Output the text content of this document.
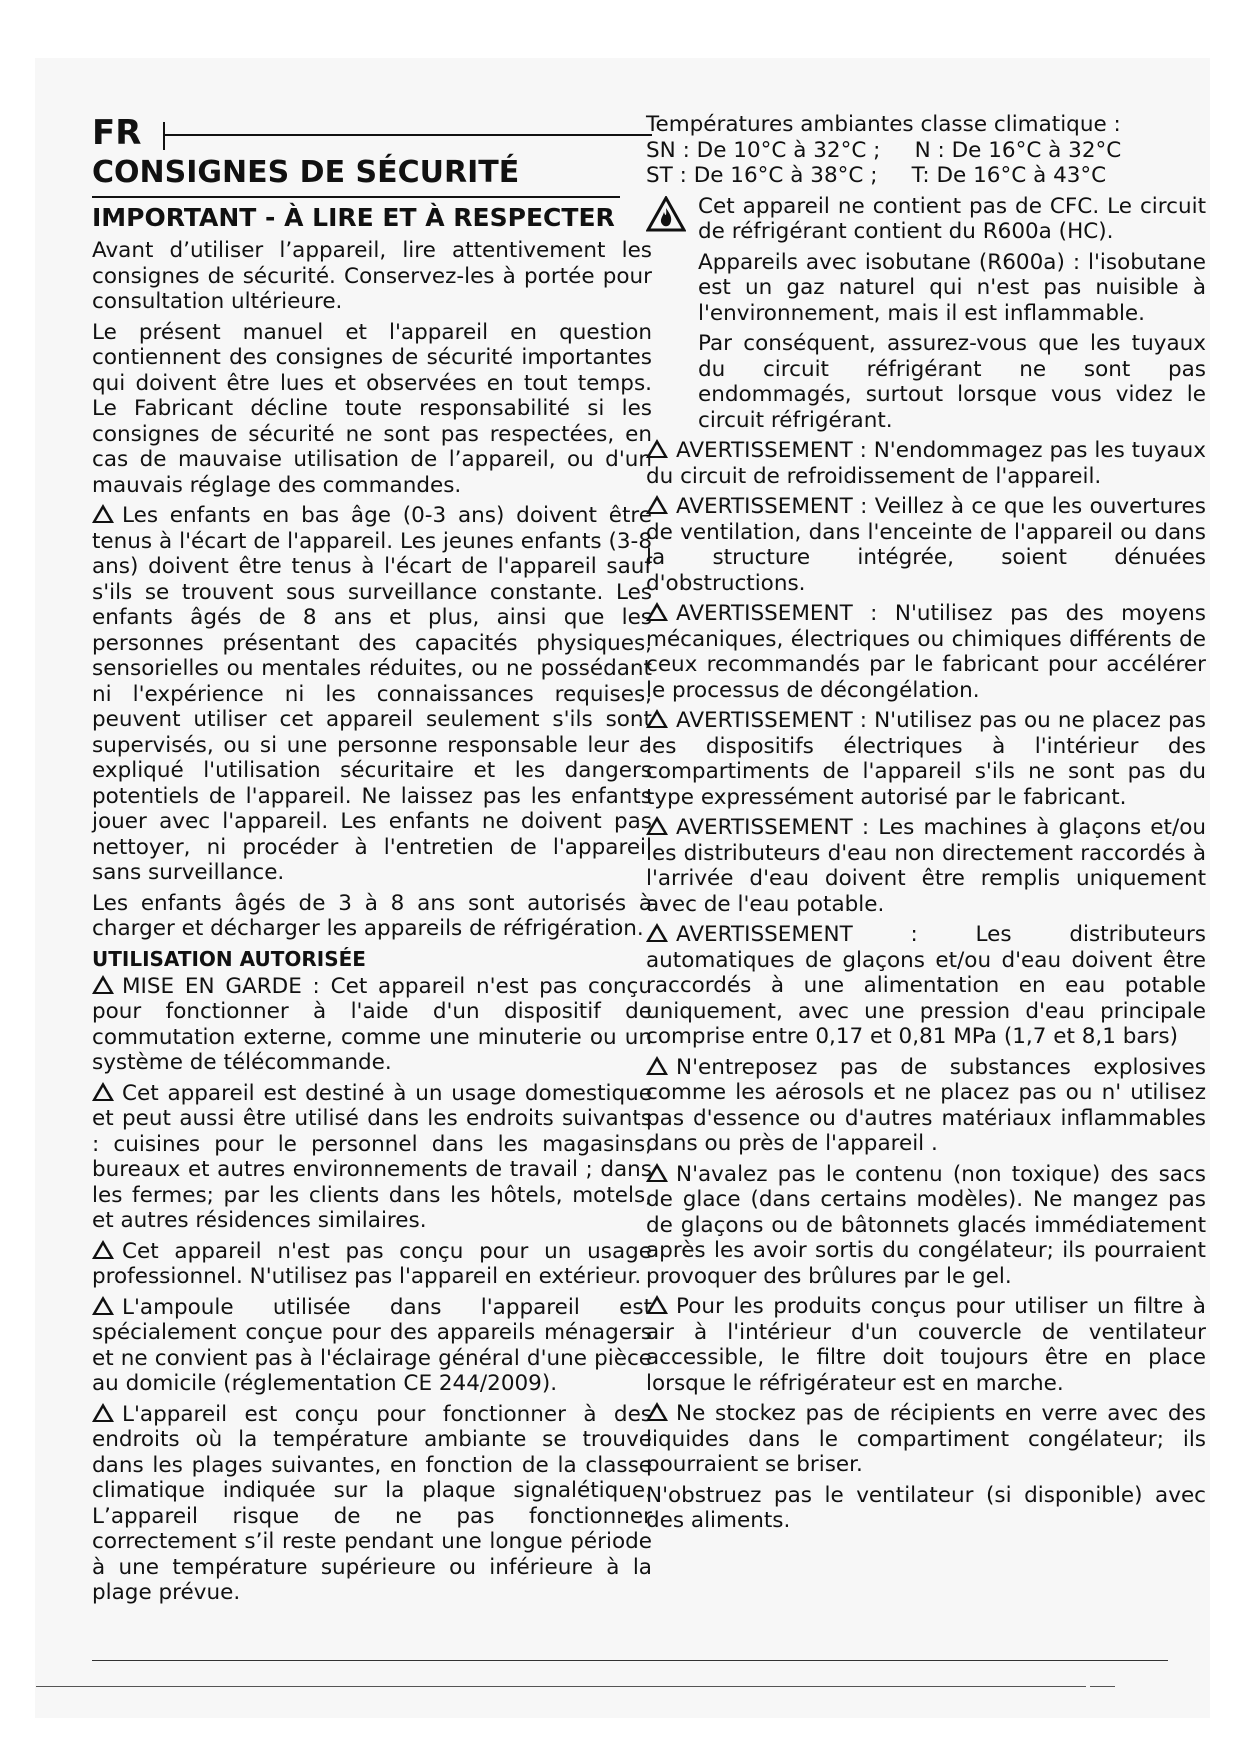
FR
CONSIGNES DE SÉCURITÉ
IMPORTANT - À LIRE ET À RESPECTER

Avant d’utiliser l’appareil, lire attentivement les consignes de sécurité. Conservez-les à portée pour consultation ultérieure.

Le présent manuel et l'appareil en question contiennent des consignes de sécurité importantes qui doivent être lues et observées en tout temps. Le Fabricant décline toute responsabilité si les consignes de sécurité ne sont pas respectées, en cas de mauvaise utilisation de l’appareil, ou d'un mauvais réglage des commandes.

Les enfants en bas âge (0-3 ans) doivent être tenus à l'écart de l'appareil. Les jeunes enfants (3-8 ans) doivent être tenus à l'écart de l'appareil sauf s'ils se trouvent sous surveillance constante. Les enfants âgés de 8 ans et plus, ainsi que les personnes présentant des capacités physiques, sensorielles ou mentales réduites, ou ne possédant ni l'expérience ni les connaissances requises, peuvent utiliser cet appareil seulement s'ils sont supervisés, ou si une personne responsable leur a expliqué l'utilisation sécuritaire et les dangers potentiels de l'appareil. Ne laissez pas les enfants jouer avec l'appareil. Les enfants ne doivent pas nettoyer, ni procéder à l'entretien de l'appareil sans surveillance.

Les enfants âgés de 3 à 8 ans sont autorisés à charger et décharger les appareils de réfrigération.

UTILISATION AUTORISÉE

MISE EN GARDE : Cet appareil n'est pas conçu pour fonctionner à l'aide d'un dispositif de commutation externe, comme une minuterie ou un système de télécommande.

Cet appareil est destiné à un usage domestique et peut aussi être utilisé dans les endroits suivants : cuisines pour le personnel dans les magasins, bureaux et autres environnements de travail ; dans les fermes; par les clients dans les hôtels, motels, et autres résidences similaires.

Cet appareil n'est pas conçu pour un usage professionnel. N'utilisez pas l'appareil en extérieur.

L'ampoule utilisée dans l'appareil est spécialement conçue pour des appareils ménagers et ne convient pas à l'éclairage général d'une pièce au domicile (réglementation CE 244/2009).

L'appareil est conçu pour fonctionner à des endroits où la température ambiante se trouve dans les plages suivantes, en fonction de la classe climatique indiquée sur la plaque signalétique. L’appareil risque de ne pas fonctionner correctement s’il reste pendant une longue période à une température supérieure ou inférieure à la plage prévue.

Températures ambiantes classe climatique :

SN : De 10°C à 32°C ;     N : De 16°C à 32°C

ST : De 16°C à 38°C ;     T: De 16°C à 43°C

Cet appareil ne contient pas de CFC. Le circuit de réfrigérant contient du R600a (HC).

Appareils avec isobutane (R600a) : l'isobutane est un gaz naturel qui n'est pas nuisible à l'environnement, mais il est inflammable.

Par conséquent, assurez-vous que les tuyaux du circuit réfrigérant ne sont pas endommagés, surtout lorsque vous videz le circuit réfrigérant.

AVERTISSEMENT : N'endommagez pas les tuyaux du circuit de refroidissement de l'appareil.

AVERTISSEMENT : Veillez à ce que les ouvertures de ventilation, dans l'enceinte de l'appareil ou dans la structure intégrée, soient dénuées d'obstructions.

AVERTISSEMENT : N'utilisez pas des moyens mécaniques, électriques ou chimiques différents de ceux recommandés par le fabricant pour accélérer le processus de décongélation.

AVERTISSEMENT : N'utilisez pas ou ne placez pas les dispositifs électriques à l'intérieur des compartiments de l'appareil s'ils ne sont pas du type expressément autorisé par le fabricant.

AVERTISSEMENT : Les machines à glaçons et/ou les distributeurs d'eau non directement raccordés à l'arrivée d'eau doivent être remplis uniquement avec de l'eau potable.

AVERTISSEMENT : Les distributeurs automatiques de glaçons et/ou d'eau doivent être raccordés à une alimentation en eau potable uniquement, avec une pression d'eau principale comprise entre 0,17 et 0,81 MPa (1,7 et 8,1 bars)

N'entreposez pas de substances explosives comme les aérosols et ne placez pas ou n' utilisez pas d'essence ou d'autres matériaux inflammables dans ou près de l'appareil .

N'avalez pas le contenu (non toxique) des sacs de glace (dans certains modèles). Ne mangez pas de glaçons ou de bâtonnets glacés immédiatement après les avoir sortis du congélateur; ils pourraient provoquer des brûlures par le gel.

Pour les produits conçus pour utiliser un filtre à air à l'intérieur d'un couvercle de ventilateur accessible, le filtre doit toujours être en place lorsque le réfrigérateur est en marche.

Ne stockez pas de récipients en verre avec des liquides dans le compartiment congélateur; ils pourraient se briser.

N'obstruez pas le ventilateur (si disponible) avec des aliments.
